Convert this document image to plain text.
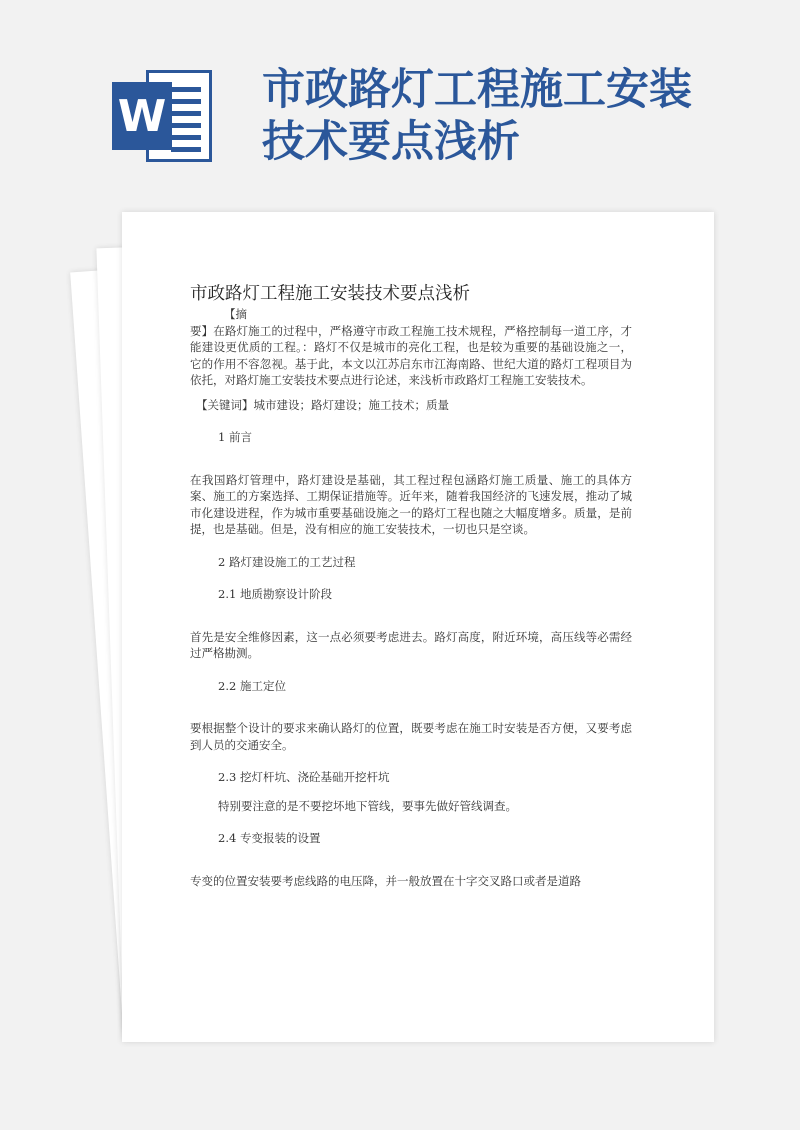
W
市政路灯工程施工安装技术要点浅析

市政路灯工程施工安装技术要点浅析

【摘

要】在路灯施工的过程中，严格遵守市政工程施工技术规程，严格控制每一道工序，才能建设更优质的工程。：路灯不仅是城市的亮化工程，也是较为重要的基础设施之一，它的作用不容忽视。基于此，本文以江苏启东市江海南路、世纪大道的路灯工程项目为依托，对路灯施工安装技术要点进行论述，来浅析市政路灯工程施工安装技术。

【关键词】城市建设；路灯建设；施工技术；质量

1 前言

在我国路灯管理中，路灯建设是基础，其工程过程包涵路灯施工质量、施工的具体方案、施工的方案选择、工期保证措施等。近年来，随着我国经济的飞速发展，推动了城市化建设进程，作为城市重要基础设施之一的路灯工程也随之大幅度增多。质量，是前提，也是基础。但是，没有相应的施工安装技术，一切也只是空谈。

2 路灯建设施工的工艺过程

2.1 地质勘察设计阶段

首先是安全维修因素，这一点必须要考虑进去。路灯高度，附近环境，高压线等必需经过严格勘测。

2.2 施工定位

要根据整个设计的要求来确认路灯的位置，既要考虑在施工时安装是否方便，又要考虑到人员的交通安全。

2.3 挖灯杆坑、浇砼基础开挖杆坑

特别要注意的是不要挖坏地下管线，要事先做好管线调查。

2.4 专变报装的设置

专变的位置安装要考虑线路的电压降，并一般放置在十字交叉路口或者是道路
